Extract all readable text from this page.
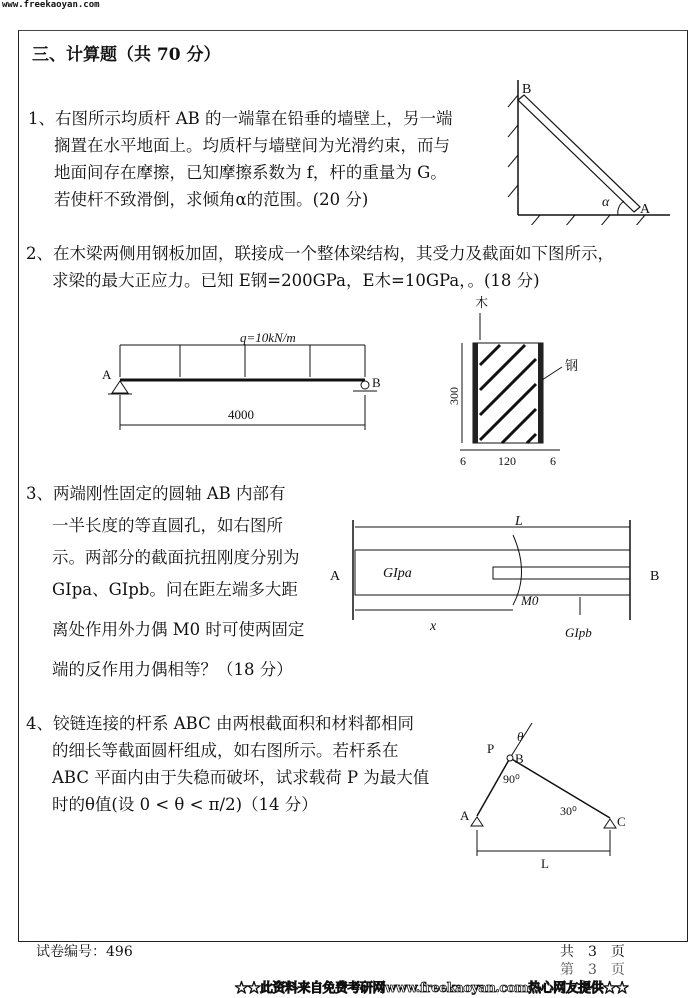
www.freekaoyan.com
三、计算题（共 70 分）
1、右图所示均质杆 AB 的一端靠在铅垂的墙壁上，另一端
搁置在水平地面上。均质杆与墙壁间为光滑约束，而与
地面间存在摩擦，已知摩擦系数为 f，杆的重量为 G。
若使杆不致滑倒，求倾角α的范围。(20 分)
B
A
α
2、在木梁两侧用钢板加固，联接成一个整体梁结构，其受力及截面如下图所示，
求梁的最大正应力。已知 E钢=200GPa，E木=10GPa，。(18 分)
q=10kN/m
A
B
4000
木
钢
300
6	120	6
3、两端刚性固定的圆轴 AB 内部有
一半长度的等直圆孔，如右图所
示。两部分的截面抗扭刚度分别为
GIpa、GIpb。问在距左端多大距
离处作用外力偶 M0 时可使两固定
端的反作用力偶相等？（18 分）
L
A	B
GIpa
M0
x	GIpb
4、铰链连接的杆系 ABC 由两根截面积和材料都相同
的细长等截面圆杆组成，如右图所示。若杆系在
ABC 平面内由于失稳而破坏，试求载荷 P 为最大值
时的θ值(设 0 < θ < π/2)（14 分）
P
θ
B
90⁰
30⁰
A	C
L
试卷编号：496	共　3　页
第　3　页
★★此资料来自免费考研网www.freekaoyan.com热心网友提供★★
